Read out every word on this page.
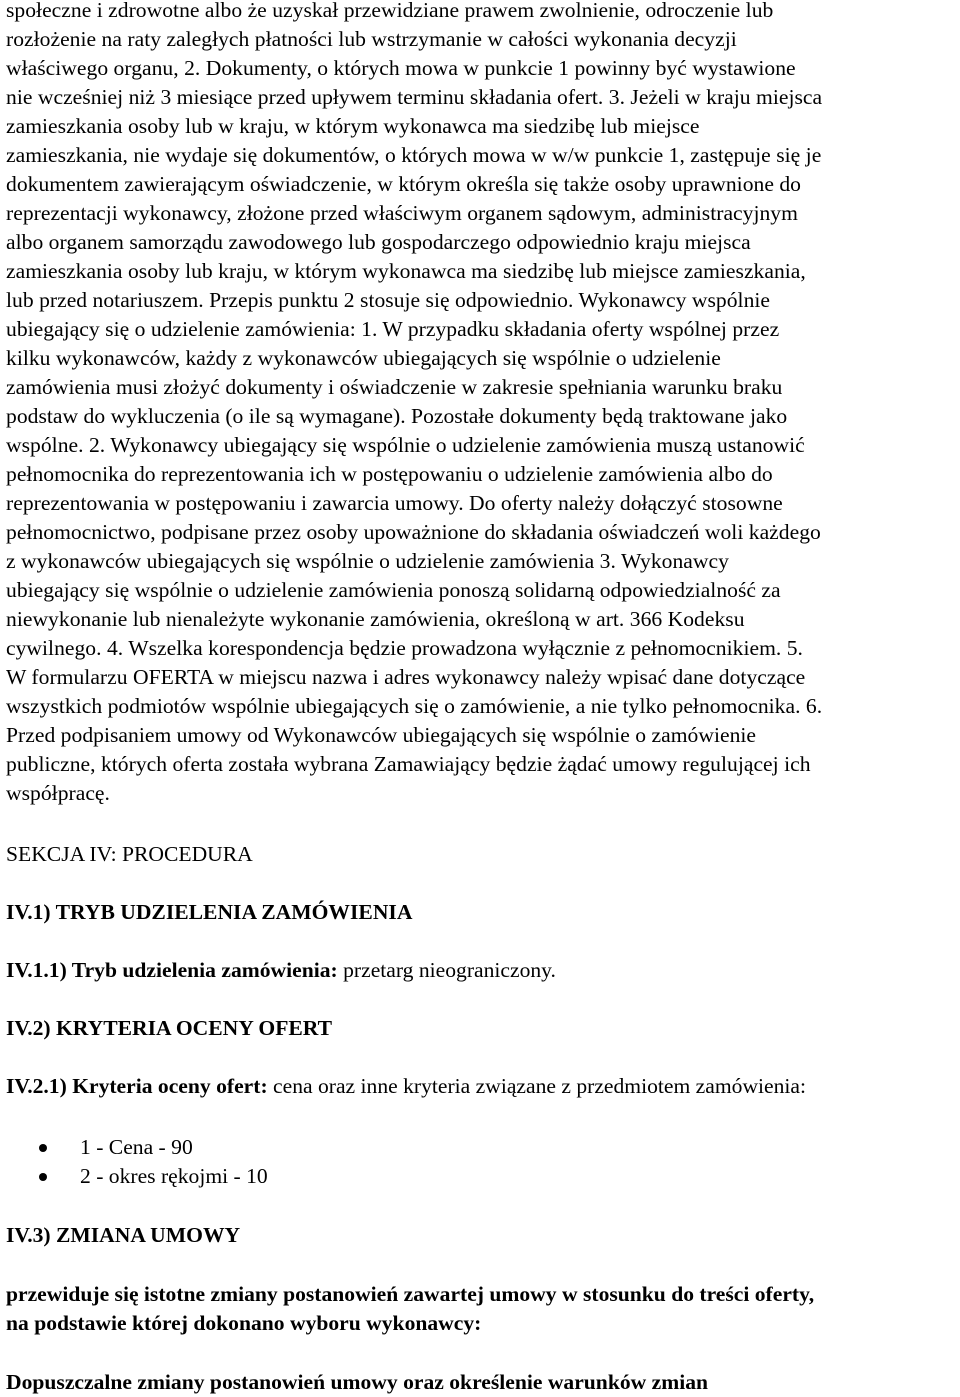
społeczne i zdrowotne albo że uzyskał przewidziane prawem zwolnienie, odroczenie lub
rozłożenie na raty zaległych płatności lub wstrzymanie w całości wykonania decyzji
właściwego organu, 2. Dokumenty, o których mowa w punkcie 1 powinny być wystawione
nie wcześniej niż 3 miesiące przed upływem terminu składania ofert. 3. Jeżeli w kraju miejsca
zamieszkania osoby lub w kraju, w którym wykonawca ma siedzibę lub miejsce
zamieszkania, nie wydaje się dokumentów, o których mowa w w/w punkcie 1, zastępuje się je
dokumentem zawierającym oświadczenie, w którym określa się także osoby uprawnione do
reprezentacji wykonawcy, złożone przed właściwym organem sądowym, administracyjnym
albo organem samorządu zawodowego lub gospodarczego odpowiednio kraju miejsca
zamieszkania osoby lub kraju, w którym wykonawca ma siedzibę lub miejsce zamieszkania,
lub przed notariuszem. Przepis punktu 2 stosuje się odpowiednio. Wykonawcy wspólnie
ubiegający się o udzielenie zamówienia: 1. W przypadku składania oferty wspólnej przez
kilku wykonawców, każdy z wykonawców ubiegających się wspólnie o udzielenie
zamówienia musi złożyć dokumenty i oświadczenie w zakresie spełniania warunku braku
podstaw do wykluczenia (o ile są wymagane). Pozostałe dokumenty będą traktowane jako
wspólne. 2. Wykonawcy ubiegający się wspólnie o udzielenie zamówienia muszą ustanowić
pełnomocnika do reprezentowania ich w postępowaniu o udzielenie zamówienia albo do
reprezentowania w postępowaniu i zawarcia umowy. Do oferty należy dołączyć stosowne
pełnomocnictwo, podpisane przez osoby upoważnione do składania oświadczeń woli każdego
z wykonawców ubiegających się wspólnie o udzielenie zamówienia 3. Wykonawcy
ubiegający się wspólnie o udzielenie zamówienia ponoszą solidarną odpowiedzialność za
niewykonanie lub nienależyte wykonanie zamówienia, określoną w art. 366 Kodeksu
cywilnego. 4. Wszelka korespondencja będzie prowadzona wyłącznie z pełnomocnikiem. 5.
W formularzu OFERTA w miejscu nazwa i adres wykonawcy należy wpisać dane dotyczące
wszystkich podmiotów wspólnie ubiegających się o zamówienie, a nie tylko pełnomocnika. 6.
Przed podpisaniem umowy od Wykonawców ubiegających się wspólnie o zamówienie
publiczne, których oferta została wybrana Zamawiający będzie żądać umowy regulującej ich
współpracę.
SEKCJA IV: PROCEDURA
IV.1) TRYB UDZIELENIA ZAMÓWIENIA
IV.1.1) Tryb udzielenia zamówienia: przetarg nieograniczony.
IV.2) KRYTERIA OCENY OFERT
IV.2.1) Kryteria oceny ofert: cena oraz inne kryteria związane z przedmiotem zamówienia:
1 - Cena - 90
2 - okres rękojmi - 10
IV.3) ZMIANA UMOWY
przewiduje się istotne zmiany postanowień zawartej umowy w stosunku do treści oferty,
na podstawie której dokonano wyboru wykonawcy:
Dopuszczalne zmiany postanowień umowy oraz określenie warunków zmian
